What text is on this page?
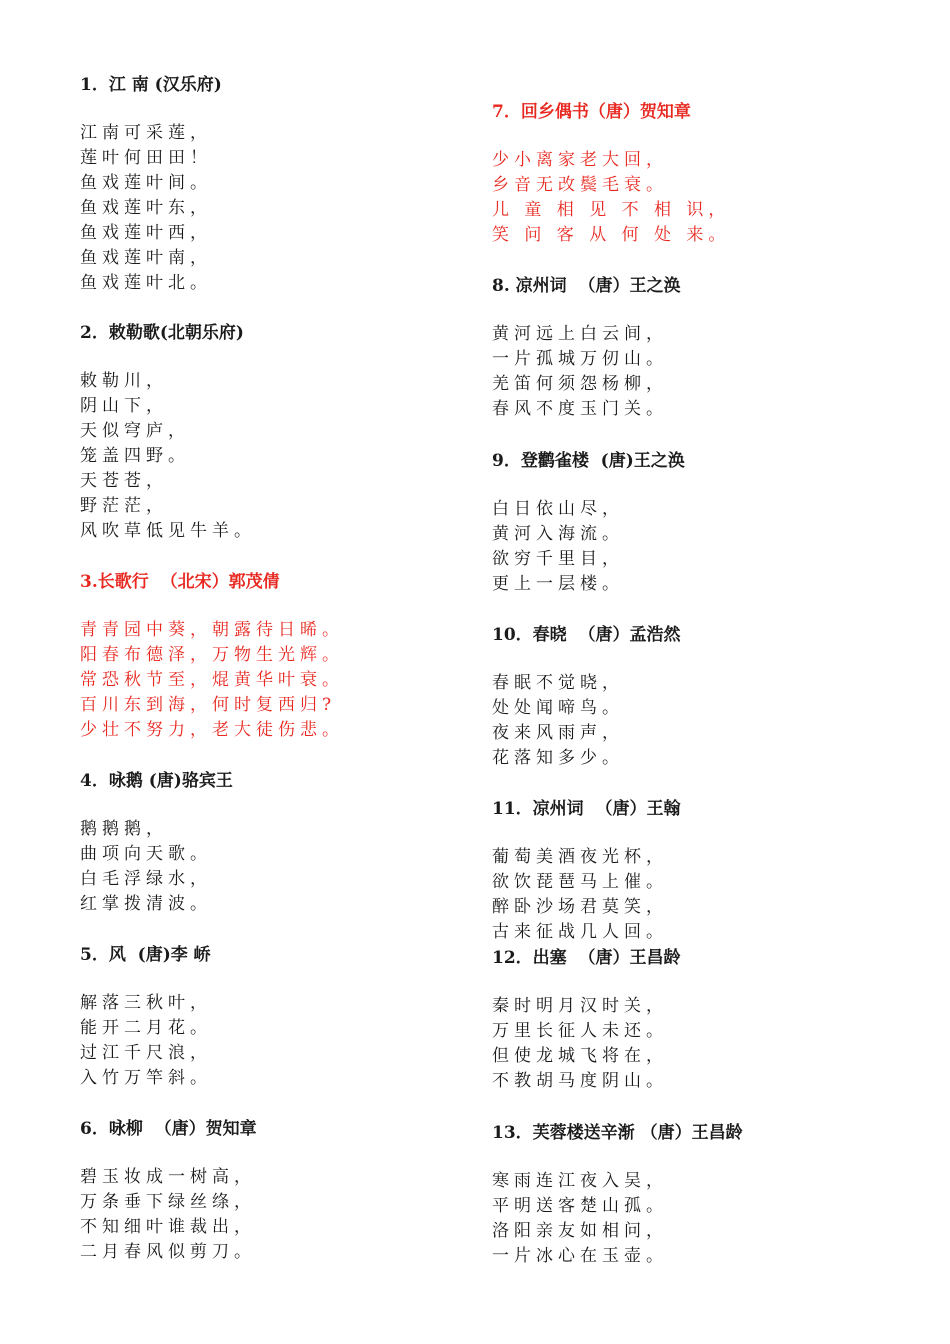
1．江 南 (汉乐府)
江南可采莲，
莲叶何田田！
鱼戏莲叶间。
鱼戏莲叶东，
鱼戏莲叶西，
鱼戏莲叶南，
鱼戏莲叶北。
2．敕勒歌(北朝乐府)
敕勒川，
阴山下，
天似穹庐，
笼盖四野。
天苍苍，
野茫茫，
风吹草低见牛羊。
3.长歌行  （北宋）郭茂倩
青青园中葵，朝露待日晞。
阳春布德泽，万物生光辉。
常恐秋节至，焜黄华叶衰。
百川东到海，何时复西归?
少壮不努力，老大徒伤悲。
4．咏鹅 (唐)骆宾王
鹅鹅鹅，
曲项向天歌。
白毛浮绿水，
红掌拨清波。
5．风  (唐)李 峤
解落三秋叶，
能开二月花。
过江千尺浪，
入竹万竿斜。
6．咏柳  （唐）贺知章
碧玉妆成一树高，
万条垂下绿丝绦，
不知细叶谁裁出，
二月春风似剪刀。
7．回乡偶书（唐）贺知章
少小离家老大回，
乡音无改鬓毛衰。
儿 童 相 见 不 相 识，
笑 问 客 从 何 处 来。
8. 凉州词  （唐）王之涣
黄河远上白云间，
一片孤城万仞山。
羌笛何须怨杨柳，
春风不度玉门关。
9．登鹳雀楼  (唐)王之涣
白日依山尽，
黄河入海流。
欲穷千里目，
更上一层楼。
10．春晓  （唐）孟浩然
春眠不觉晓，
处处闻啼鸟。
夜来风雨声，
花落知多少。
11．凉州词  （唐）王翰
葡萄美酒夜光杯，
欲饮琵琶马上催。
醉卧沙场君莫笑，
古来征战几人回。
12．出塞  （唐）王昌龄
秦时明月汉时关，
万里长征人未还。
但使龙城飞将在，
不教胡马度阴山。
13．芙蓉楼送辛渐 （唐）王昌龄
寒雨连江夜入吴，
平明送客楚山孤。
洛阳亲友如相问，
一片冰心在玉壶。
